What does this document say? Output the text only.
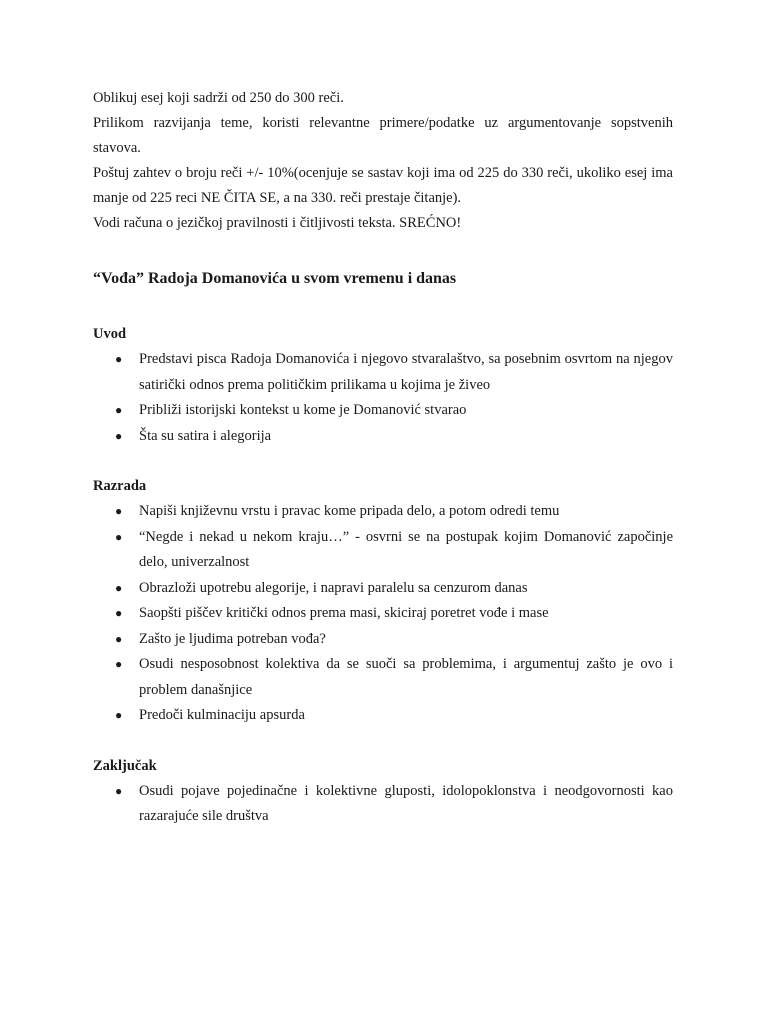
Oblikuj esej koji sadrži od 250 do 300 reči.

Prilikom razvijanja teme, koristi relevantne primere/podatke uz argumentovanje sopstvenih stavova.

Poštuj zahtev o broju reči +/- 10%(ocenjuje se sastav koji ima od 225 do 330 reči, ukoliko esej ima manje od 225 reci NE ČITA SE, a na 330. reči prestaje čitanje).

Vodi računa o jezičkoj pravilnosti i čitljivosti teksta. SREĆNO!

“Vođa” Radoja Domanovića u svom vremenu i danas

Uvod

● Predstavi pisca Radoja Domanovića i njegovo stvaralaštvo, sa posebnim osvrtom na njegov satirički odnos prema političkim prilikama u kojima je živeo
● Približi istorijski kontekst u kome je Domanović stvarao
● Šta su satira i alegorija

Razrada

● Napiši književnu vrstu i pravac kome pripada delo, a potom odredi temu
● “Negde i nekad u nekom kraju…” - osvrni se na postupak kojim Domanović započinje delo, univerzalnost
● Obrazloži upotrebu alegorije, i napravi paralelu sa cenzurom danas
● Saopšti piščev kritički odnos prema masi, skiciraj poretret vođe i mase
● Zašto je ljudima potreban vođa?
● Osudi nesposobnost kolektiva da se suoči sa problemima, i argumentuj zašto je ovo i problem današnjice
● Predoči kulminaciju apsurda

Zaključak

● Osudi pojave pojedinačne i kolektivne gluposti, idolopoklonstva i neodgovornosti kao razarajuće sile društva
